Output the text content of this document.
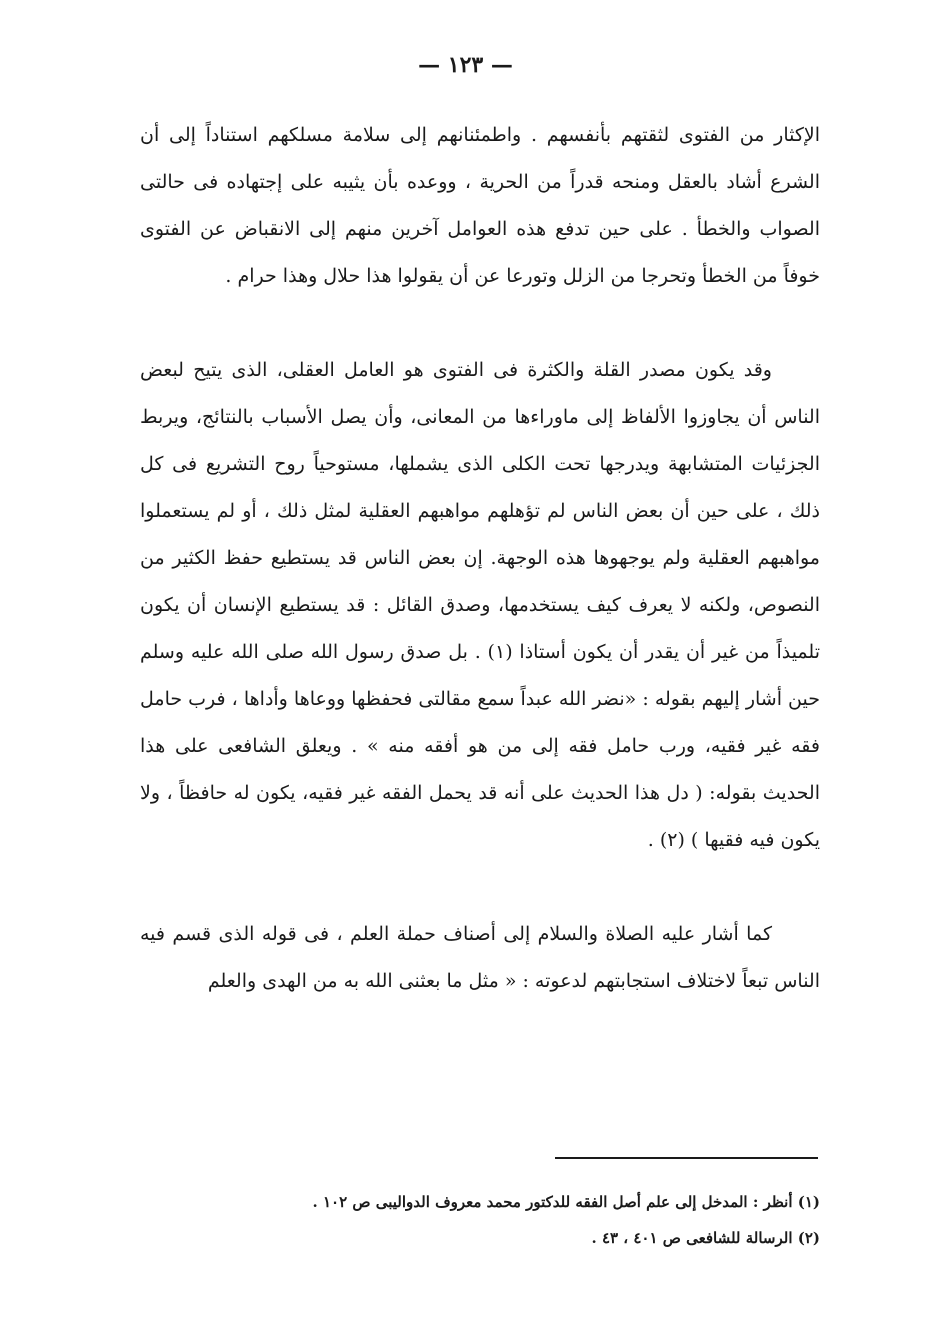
— ١٢٣ —

الإكثار من الفتوى لثقتهم بأنفسهم . واطمئنانهم إلى سلامة مسلكهم استناداً إلى أن الشرع أشاد بالعقل ومنحه قدراً من الحرية ، ووعده بأن يثيبه على إجتهاده فى حالتى الصواب والخطأ . على حين تدفع هذه العوامل آخرين منهم إلى الانقباض عن الفتوى خوفاً من الخطأ وتحرجا من الزلل وتورعا عن أن يقولوا هذا حلال وهذا حرام .

وقد يكون مصدر القلة والكثرة فى الفتوى هو العامل العقلى، الذى يتيح لبعض الناس أن يجاوزوا الألفاظ إلى ماوراءها من المعانى، وأن يصل الأسباب بالنتائج، ويربط الجزئيات المتشابهة ويدرجها تحت الكلى الذى يشملها، مستوحياً روح التشريع فى كل ذلك ، على حين أن بعض الناس لم تؤهلهم مواهبهم العقلية لمثل ذلك ، أو لم يستعملوا مواهبهم العقلية ولم يوجهوها هذه الوجهة. إن بعض الناس قد يستطيع حفظ الكثير من النصوص، ولكنه لا يعرف كيف يستخدمها، وصدق القائل : قد يستطيع الإنسان أن يكون تلميذاً من غير أن يقدر أن يكون أستاذا (١) . بل صدق رسول الله صلى الله عليه وسلم حين أشار إليهم بقوله : «نضر الله عبداً سمع مقالتى فحفظها ووعاها وأداها ، فرب حامل فقه غير فقيه، ورب حامل فقه إلى من هو أفقه منه » . ويعلق الشافعى على هذا الحديث بقوله: ( دل هذا الحديث على أنه قد يحمل الفقه غير فقيه، يكون له حافظاً ، ولا يكون فيه فقيها ) (٢) .

كما أشار عليه الصلاة والسلام إلى أصناف حملة العلم ، فى قوله الذى قسم فيه الناس تبعاً لاختلاف استجابتهم لدعوته : « مثل ما بعثنى الله به من الهدى والعلم

(١) أنظر : المدخل إلى علم أصل الفقه للدكتور محمد معروف الدواليبى ص ١٠٢ .

(٢) الرسالة للشافعى ص ٤٠١ ، ٤٣ .
